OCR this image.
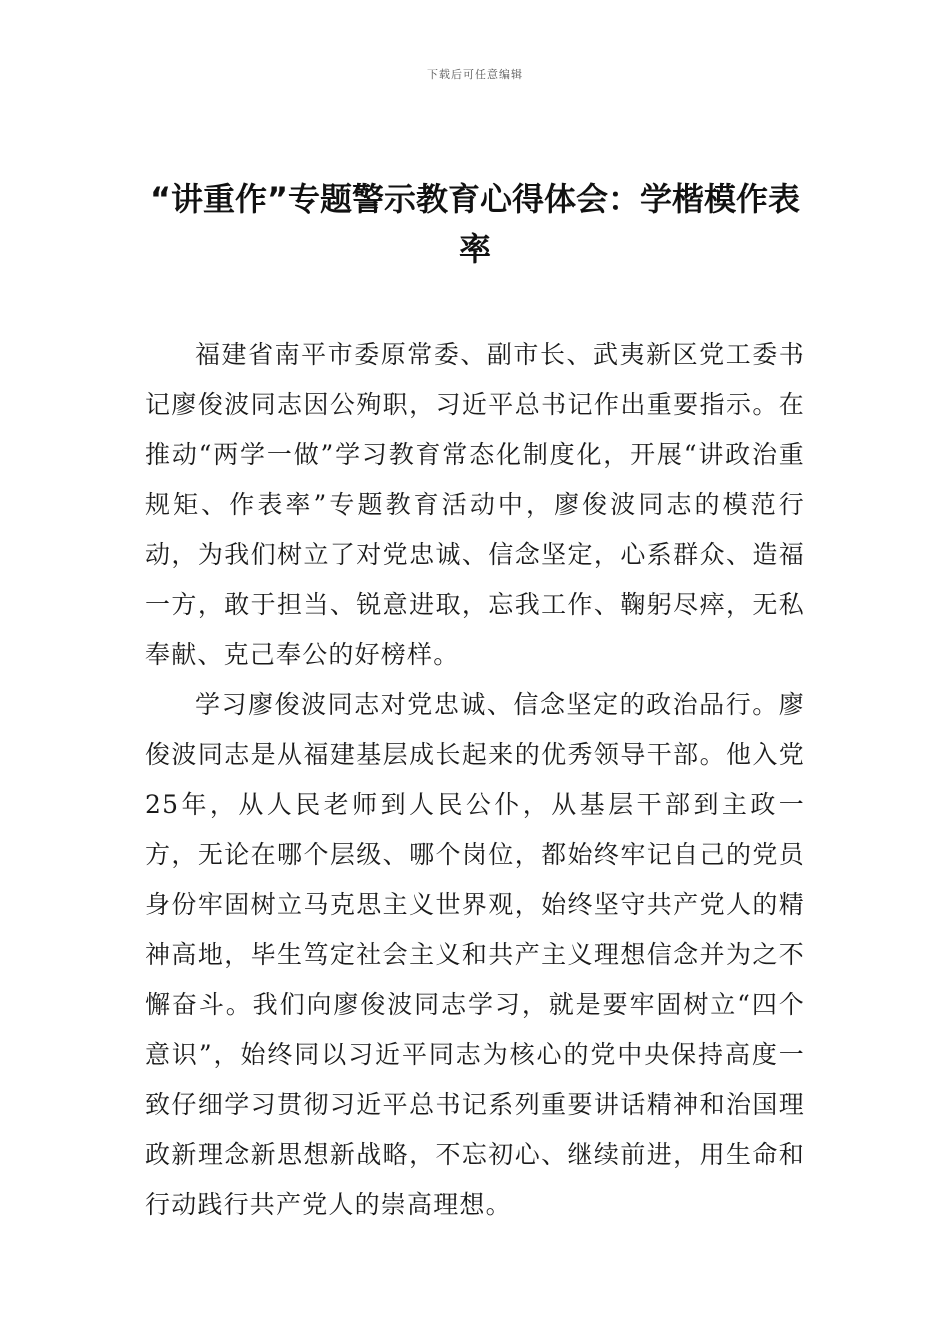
下载后可任意编辑
“讲重作”专题警示教育心得体会：学楷模作表率

福建省南平市委原常委、副市长、武夷新区党工委书记廖俊波同志因公殉职，习近平总书记作出重要指示。在推动“两学一做”学习教育常态化制度化，开展“讲政治重规矩、作表率”专题教育活动中，廖俊波同志的模范行动，为我们树立了对党忠诚、信念坚定，心系群众、造福一方，敢于担当、锐意进取，忘我工作、鞠躬尽瘁，无私奉献、克己奉公的好榜样。

学习廖俊波同志对党忠诚、信念坚定的政治品行。廖俊波同志是从福建基层成长起来的优秀领导干部。他入党25年，从人民老师到人民公仆，从基层干部到主政一方，无论在哪个层级、哪个岗位，都始终牢记自己的党员身份牢固树立马克思主义世界观，始终坚守共产党人的精神高地，毕生笃定社会主义和共产主义理想信念并为之不懈奋斗。我们向廖俊波同志学习，就是要牢固树立“四个意识”，始终同以习近平同志为核心的党中央保持高度一致仔细学习贯彻习近平总书记系列重要讲话精神和治国理政新理念新思想新战略，不忘初心、继续前进，用生命和行动践行共产党人的崇高理想。
